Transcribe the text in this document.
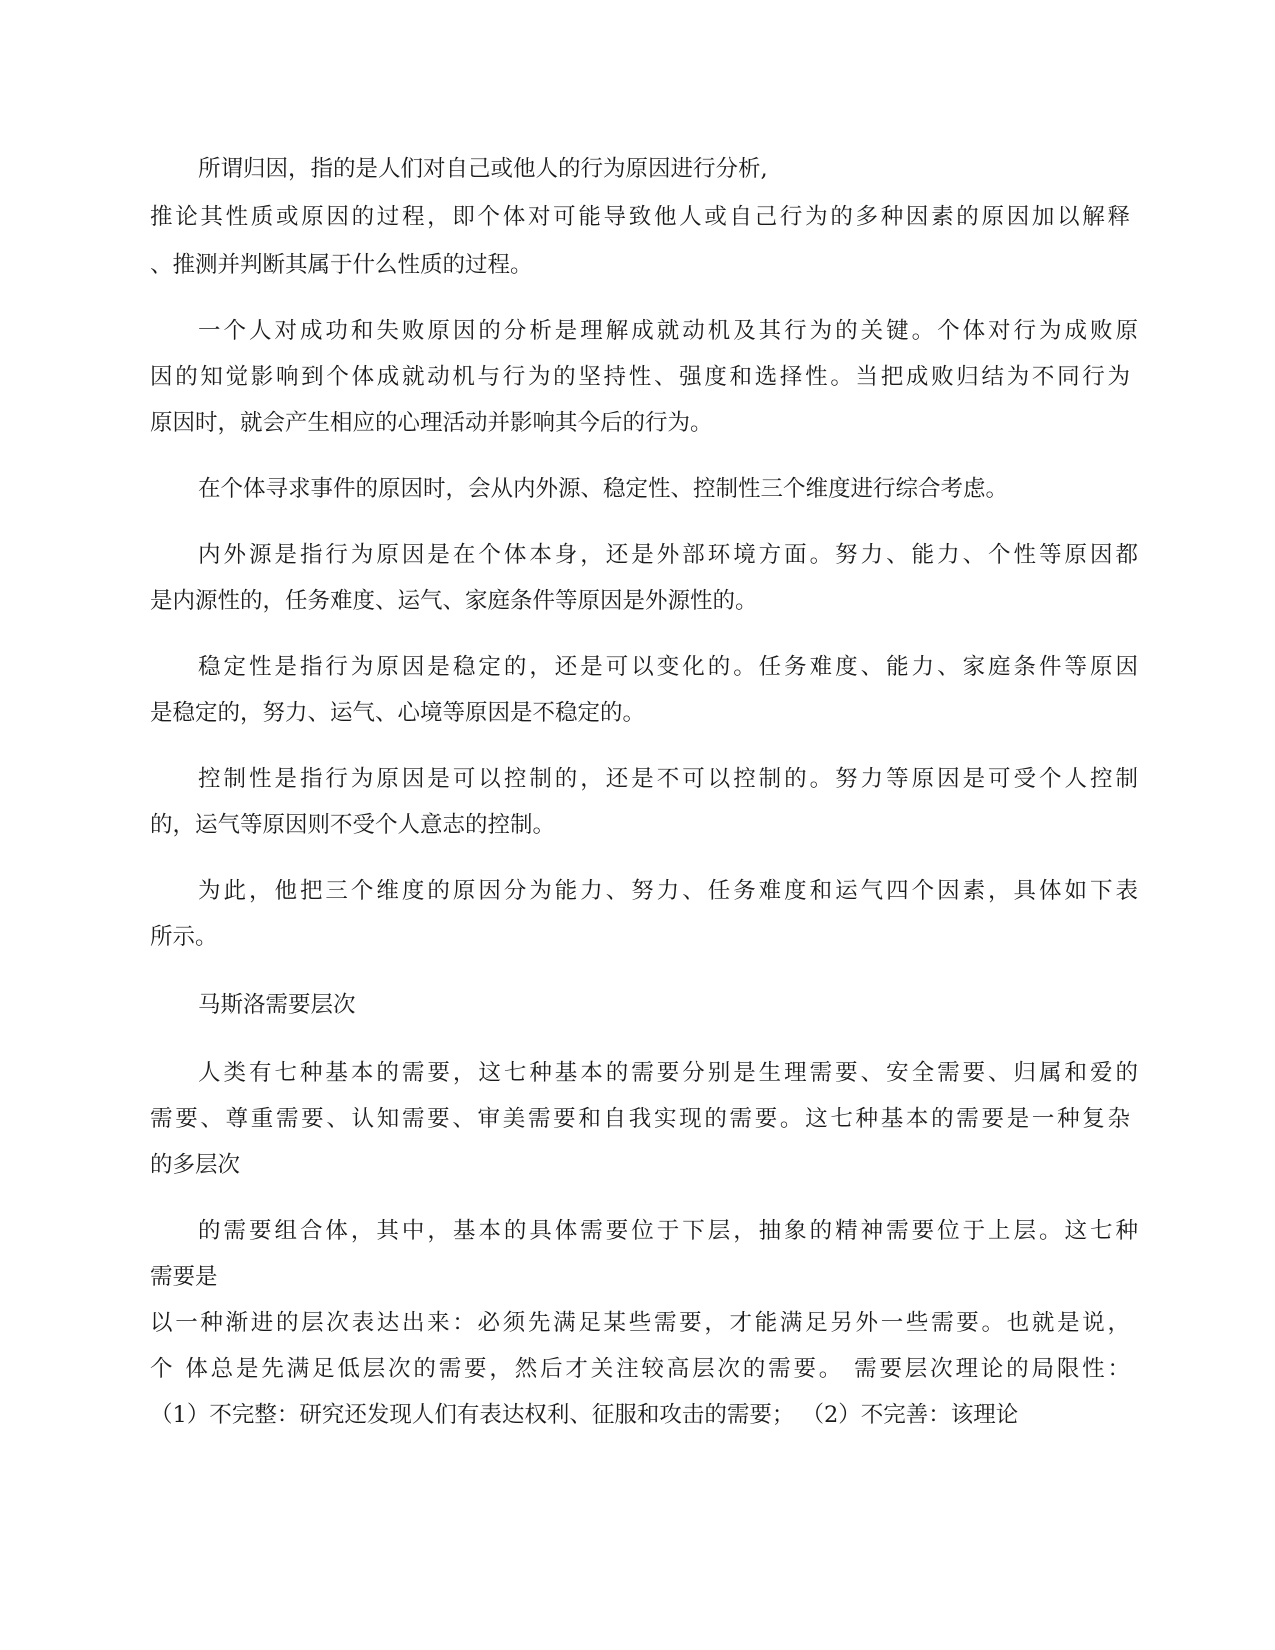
所谓归因，指的是人们对自己或他人的行为原因进行分析,
推论其性质或原因的过程，即个体对可能导致他人或自己行为的多种因素的原因加以解释
、推测并判断其属于什么性质的过程。
一个人对成功和失败原因的分析是理解成就动机及其行为的关键。个体对行为成败原
因的知觉影响到个体成就动机与行为的坚持性、强度和选择性。当把成败归结为不同行为
原因时，就会产生相应的心理活动并影响其今后的行为。
在个体寻求事件的原因时，会从内外源、稳定性、控制性三个维度进行综合考虑。
内外源是指行为原因是在个体本身，还是外部环境方面。努力、能力、个性等原因都
是内源性的，任务难度、运气、家庭条件等原因是外源性的。
稳定性是指行为原因是稳定的，还是可以变化的。任务难度、能力、家庭条件等原因
是稳定的，努力、运气、心境等原因是不稳定的。
控制性是指行为原因是可以控制的，还是不可以控制的。努力等原因是可受个人控制
的，运气等原因则不受个人意志的控制。
为此，他把三个维度的原因分为能力、努力、任务难度和运气四个因素，具体如下表
所示。
马斯洛需要层次
人类有七种基本的需要，这七种基本的需要分别是生理需要、安全需要、归属和爱的
需要、尊重需要、认知需要、审美需要和自我实现的需要。这七种基本的需要是一种复杂
的多层次
的需要组合体，其中，基本的具体需要位于下层，抽象的精神需要位于上层。这七种
需要是
以一种渐进的层次表达出来：必须先满足某些需要，才能满足另外一些需要。也就是说，
个 体总是先满足低层次的需要，然后才关注较高层次的需要。 需要层次理论的局限性：
（1）不完整：研究还发现人们有表达权利、征服和攻击的需要； （2）不完善：该理论
